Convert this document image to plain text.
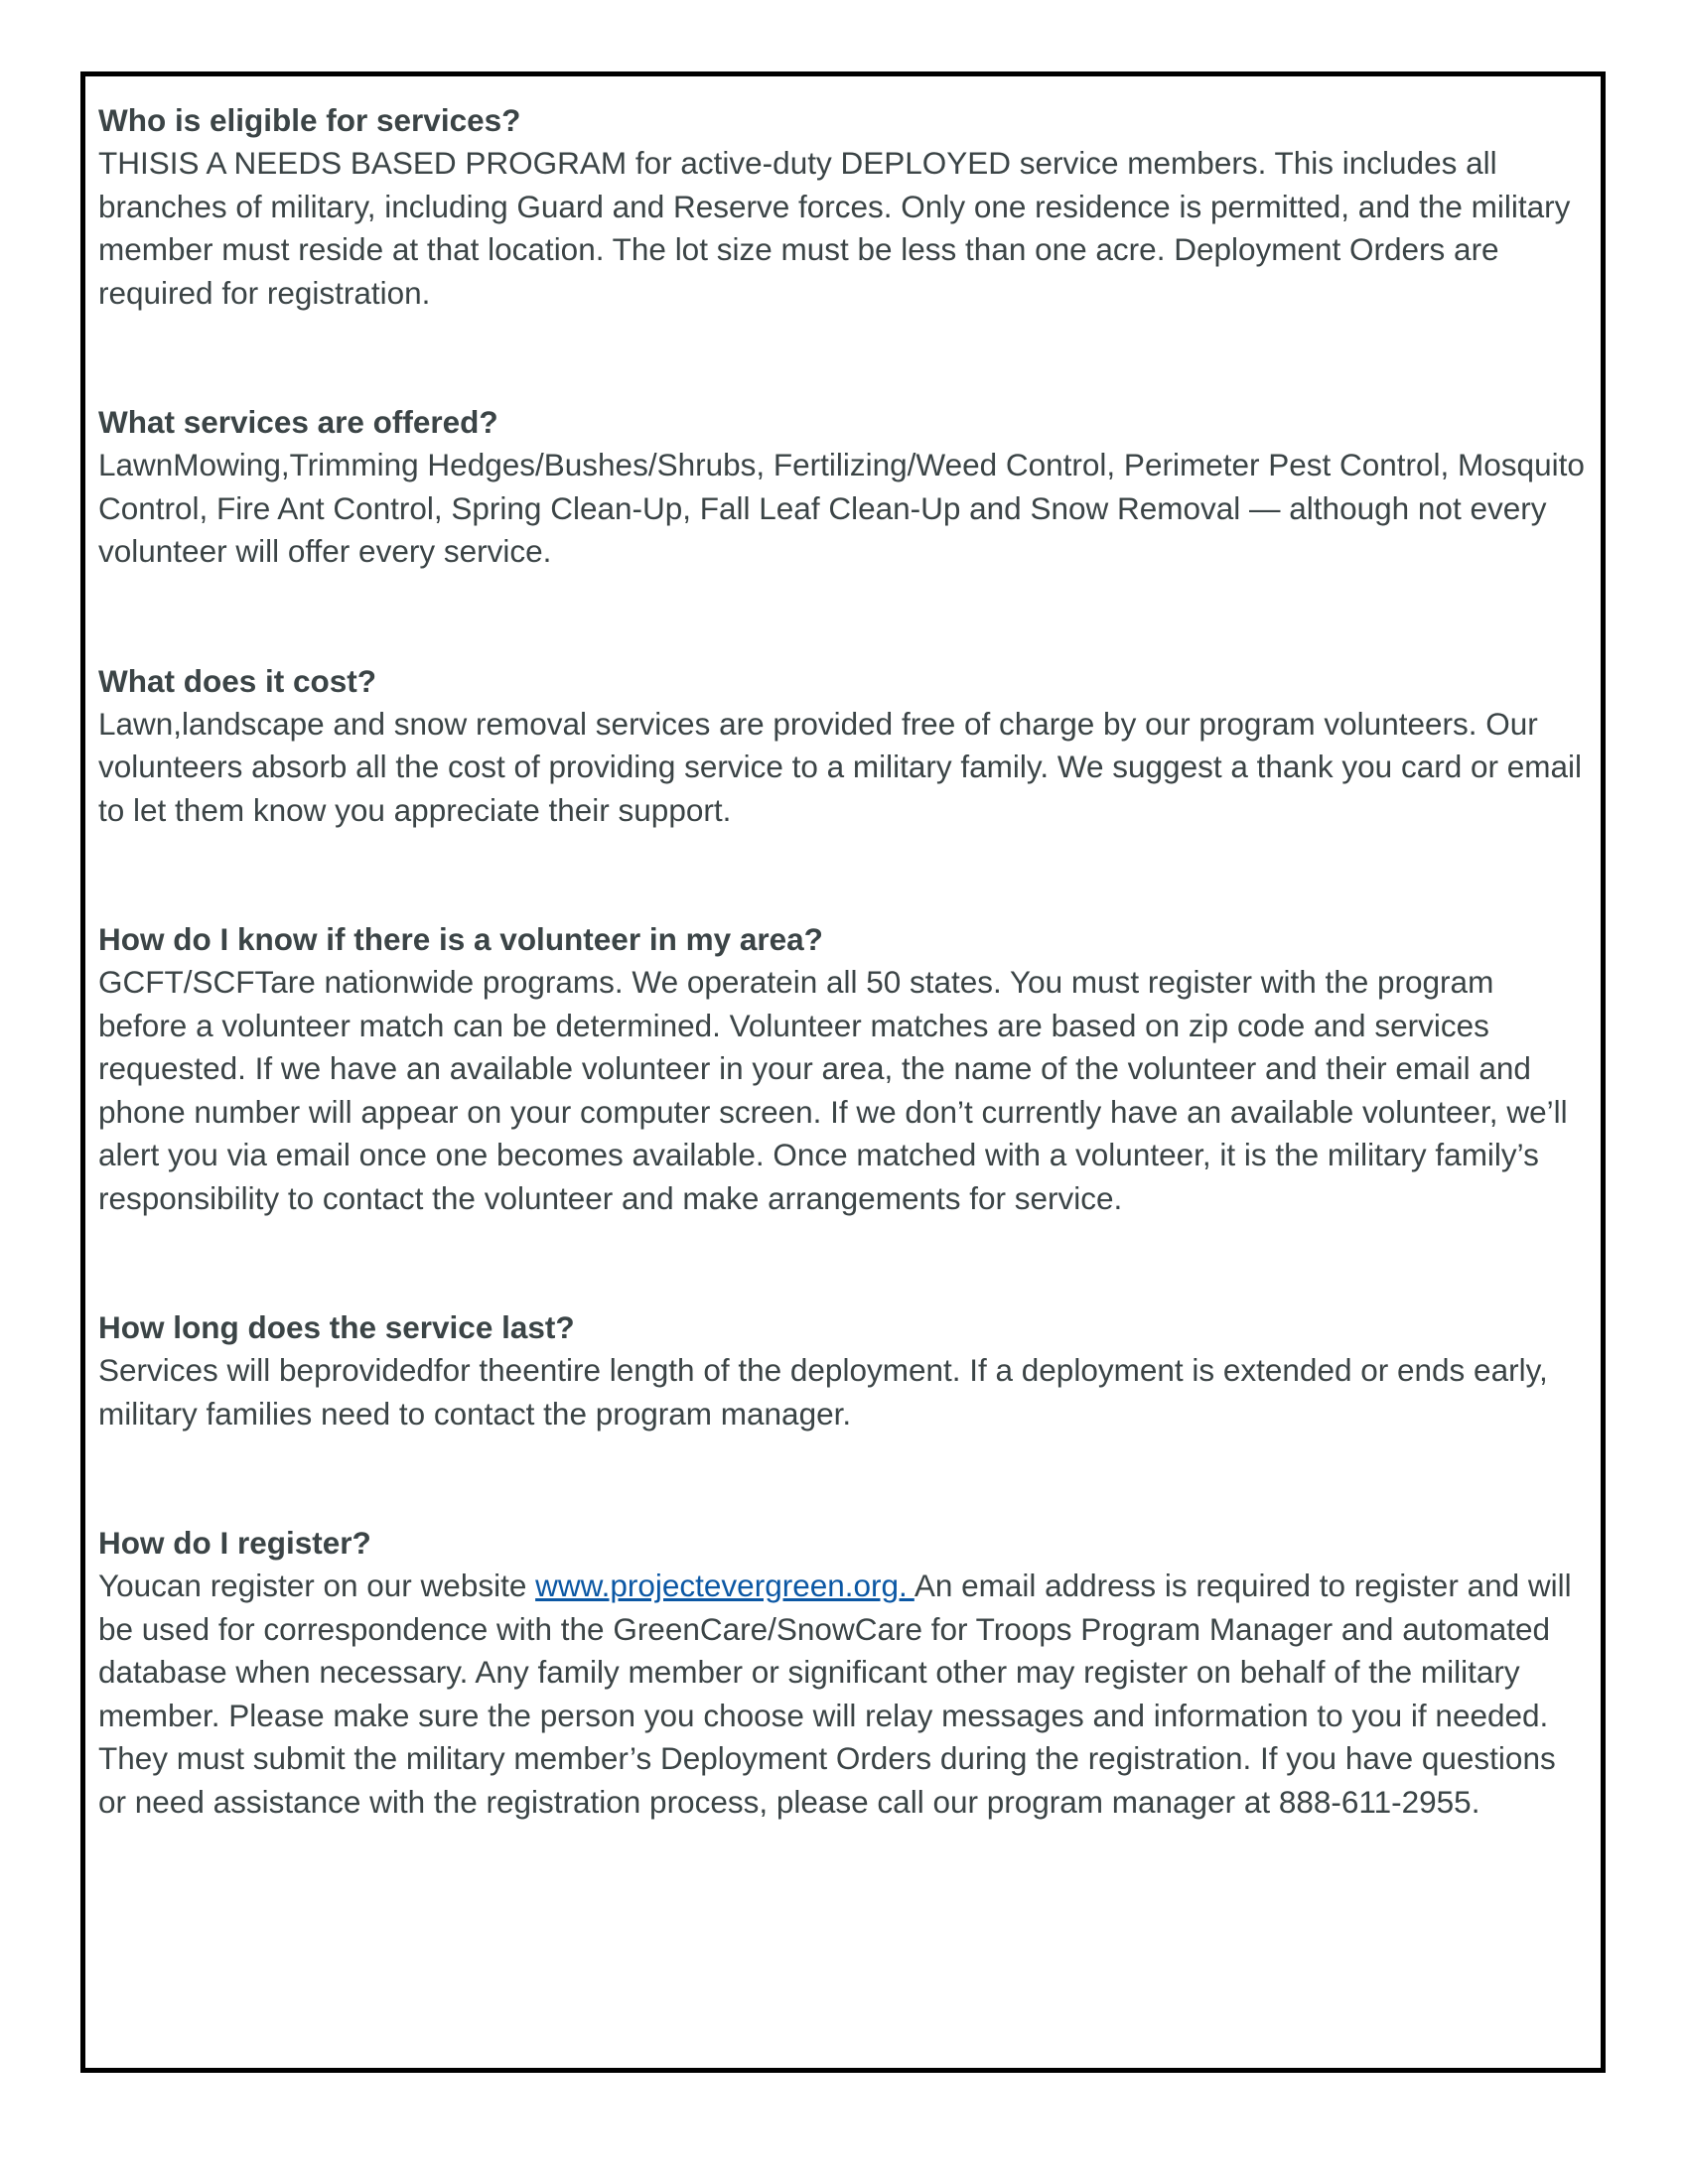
Who is eligible for services?

THISIS A NEEDS BASED PROGRAM for active-duty DEPLOYED service members. This includes all branches of military, including Guard and Reserve forces. Only one residence is permitted, and the military member must reside at that location. The lot size must be less than one acre. Deployment Orders are required for registration.

What services are offered?

LawnMowing,Trimming Hedges/Bushes/Shrubs, Fertilizing/Weed Control, Perimeter Pest Control, Mosquito Control, Fire Ant Control, Spring Clean-Up, Fall Leaf Clean-Up and Snow Removal — although not every volunteer will offer every service.

What does it cost?

Lawn,landscape and snow removal services are provided free of charge by our program volunteers. Our volunteers absorb all the cost of providing service to a military family. We suggest a thank you card or email to let them know you appreciate their support.

How do I know if there is a volunteer in my area?

GCFT/SCFTare nationwide programs. We operatein all 50 states. You must register with the program before a volunteer match can be determined. Volunteer matches are based on zip code and services requested. If we have an available volunteer in your area, the name of the volunteer and their email and phone number will appear on your computer screen. If we don’t currently have an available volunteer, we’ll alert you via email once one becomes available. Once matched with a volunteer, it is the military family’s responsibility to contact the volunteer and make arrangements for service.

How long does the service last?

Services will beprovidedfor theentire length of the deployment. If a deployment is extended or ends early, military families need to contact the program manager.

How do I register?

Youcan register on our website www.projectevergreen.org. An email address is required to register and will be used for correspondence with the GreenCare/SnowCare for Troops Program Manager and automated database when necessary. Any family member or significant other may register on behalf of the military member. Please make sure the person you choose will relay messages and information to you if needed. They must submit the military member’s Deployment Orders during the registration. If you have questions or need assistance with the registration process, please call our program manager at 888-611-2955.
